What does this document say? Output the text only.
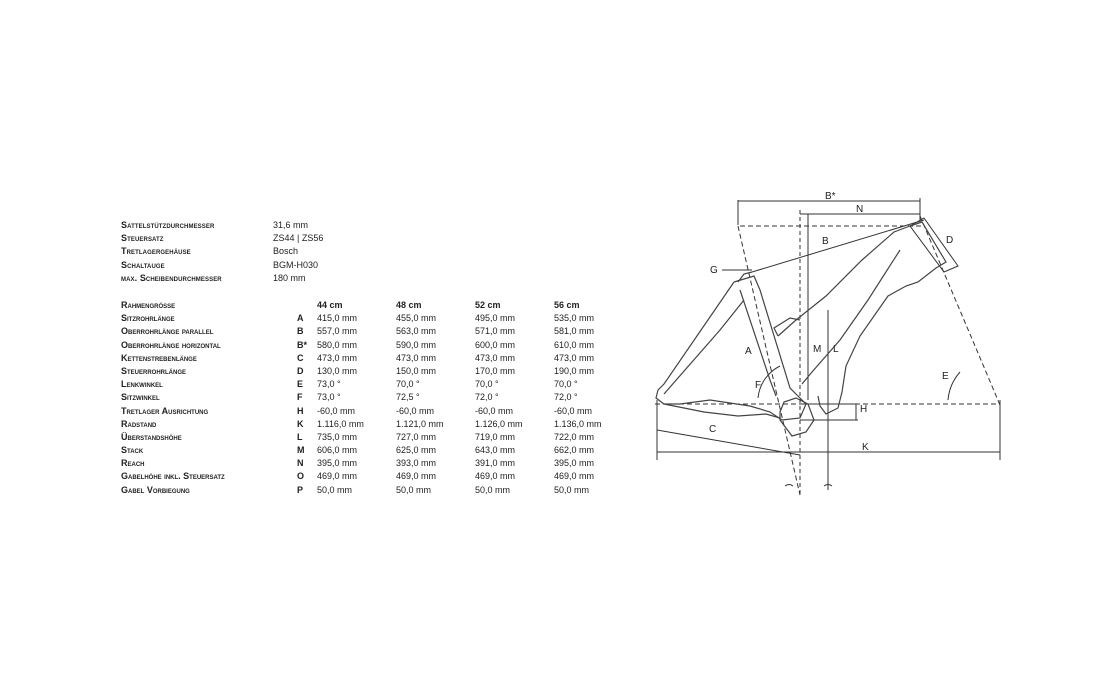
Sattelstützdurchmesser	31,6 mm
Steuersatz	ZS44 | ZS56
Tretlagergehäuse	Bosch
Schaltauge	BGM-H030
max. Scheibendurchmesser	180 mm
Rahmengrösse	44 cm	48 cm	52 cm	56 cm
Sitzrohrlänge	A 415,0 mm	455,0 mm	495,0 mm	535,0 mm
Oberrohrlänge parallel	B 557,0 mm	563,0 mm	571,0 mm	581,0 mm
Oberrohrlänge horizontal	B* 580,0 mm	590,0 mm	600,0 mm	610,0 mm
Kettenstrebenlänge	C 473,0 mm	473,0 mm	473,0 mm	473,0 mm
Steuerrohrlänge	D 130,0 mm	150,0 mm	170,0 mm	190,0 mm
Lenkwinkel	E 73,0 °	70,0 °	70,0 °	70,0 °
Sitzwinkel	F 73,0 °	72,5 °	72,0 °	72,0 °
Tretlager Ausrichtung	H -60,0 mm	-60,0 mm	-60,0 mm	-60,0 mm
Radstand	K 1.116,0 mm	1.121,0 mm	1.126,0 mm	1.136,0 mm
Überstandshöhe	L 735,0 mm	727,0 mm	719,0 mm	722,0 mm
Stack	M 606,0 mm	625,0 mm	643,0 mm	662,0 mm
Reach	N 395,0 mm	393,0 mm	391,0 mm	395,0 mm
Gabelhöhe inkl. Steuersatz	O 469,0 mm	469,0 mm	469,0 mm	469,0 mm
Gabel Vorbiegung	P 50,0 mm	50,0 mm	50,0 mm	50,0 mm
B*
N
B	D
G
A	M L
F
E
H
C
K
